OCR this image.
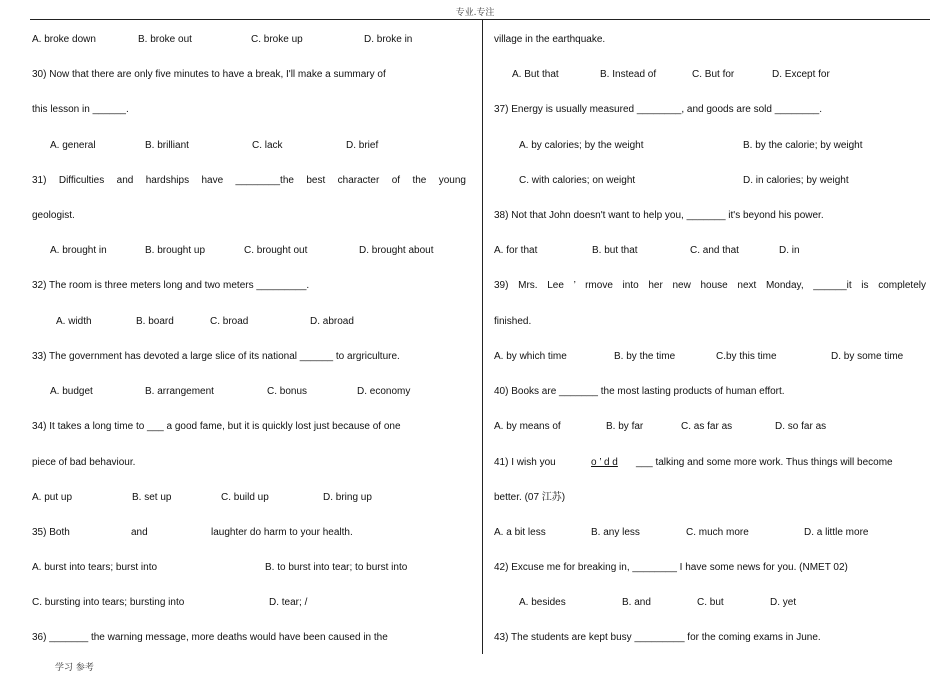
专业.专注
A. broke down	B. broke out	C. broke up	D. broke in
30) Now that there are only five minutes to have a break, I'll make a summary of
this lesson in ______.
A. general	B. brilliant	C. lack	D. brief
31) Difficulties and hardships have ________the best character of the young
geologist.
A. brought in	B. brought up	C. brought out	D. brought about
32) The room is three meters long and two meters _________.
A. width	B. board	C. broad	D. abroad
33) The government has devoted a large slice of its national ______ to argriculture.
A. budget	B. arrangement	C. bonus	D. economy
34) It takes a long time to ___ a good fame, but it is quickly lost just because of one
piece of bad behaviour.
A. put up	B. set up	C. build up	D. bring up
35) Both	and	laughter do harm to your health.
A. burst into tears; burst into	B. to burst into tear; to burst into
C. bursting into tears; bursting into	D. tear; /
36) _______ the warning message, more deaths would have been caused in the
village in the earthquake.
A. But that	B. Instead of	C. But for	D. Except for
37) Energy is usually measured ________, and goods are sold ________.
A. by calories; by the weight	B. by the calorie; by weight
C. with calories; on weight	D. in calories; by weight
38) Not that John doesn't want to help you, _______ it's beyond his power.
A. for that	B. but that	C. and that	D. in
39) Mrs. Lee ’ rmove into her new house next Monday, ______it is completely
finished.
A. by which time	B. by the time	C.by this time	D. by some time
40) Books are _______ the most lasting products of human effort.
A. by means of	B. by far	C. as far as	D. so far as
41) I wish you	o ’ d d ___ talking and some more work. Thus things will become
better. (07 江苏)
A. a bit less	B. any less	C. much more	D. a little more
42) Excuse me for breaking in, ________ I have some news for you. (NMET 02)
A. besides	B. and	C. but	D. yet
43) The students are kept busy _________ for the coming exams in June.
学习 参考
